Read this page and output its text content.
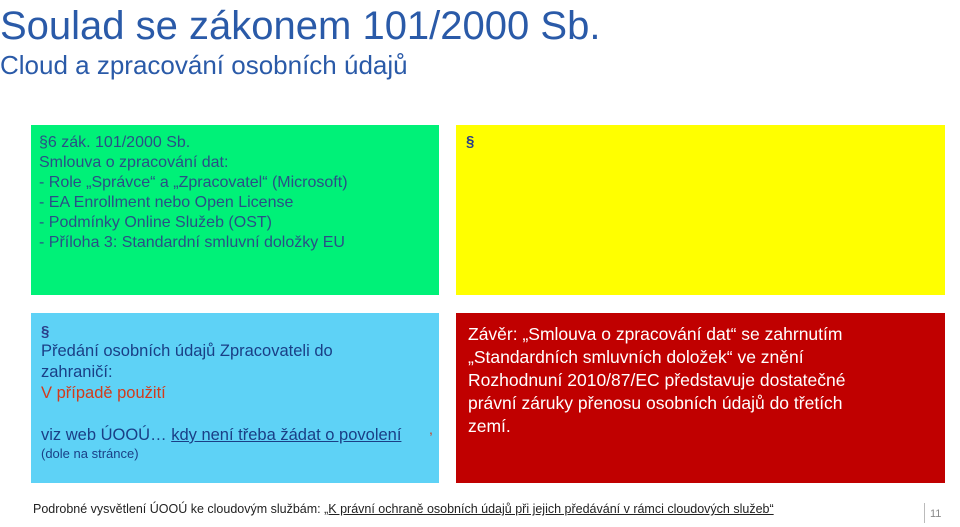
Soulad se zákonem 101/2000 Sb.
Cloud a zpracování osobních údajů
§6 zák. 101/2000 Sb.
Smlouva o zpracování dat:
- Role „Správce“ a „Zpracovatel“ (Microsoft)
- EA Enrollment nebo Open License
- Podmínky Online Služeb (OST)
- Příloha 3: Standardní smluvní doložky EU
§
§
Předání osobních údajů Zpracovateli do
zahraničí:
V případě použití
,
viz web ÚOOÚ… kdy není třeba žádat o povolení
(dole na stránce)
Závěr: „Smlouva o zpracování dat“ se zahrnutím
„Standardních smluvních doložek“ ve znění
Rozhodnuní 2010/87/EC představuje dostatečné
právní záruky přenosu osobních údajů do třetích
zemí.
Podrobné vysvětlení ÚOOÚ ke cloudovým službám: „K právní ochraně osobních údajů při jejich předávání v rámci cloudových služeb“	11
